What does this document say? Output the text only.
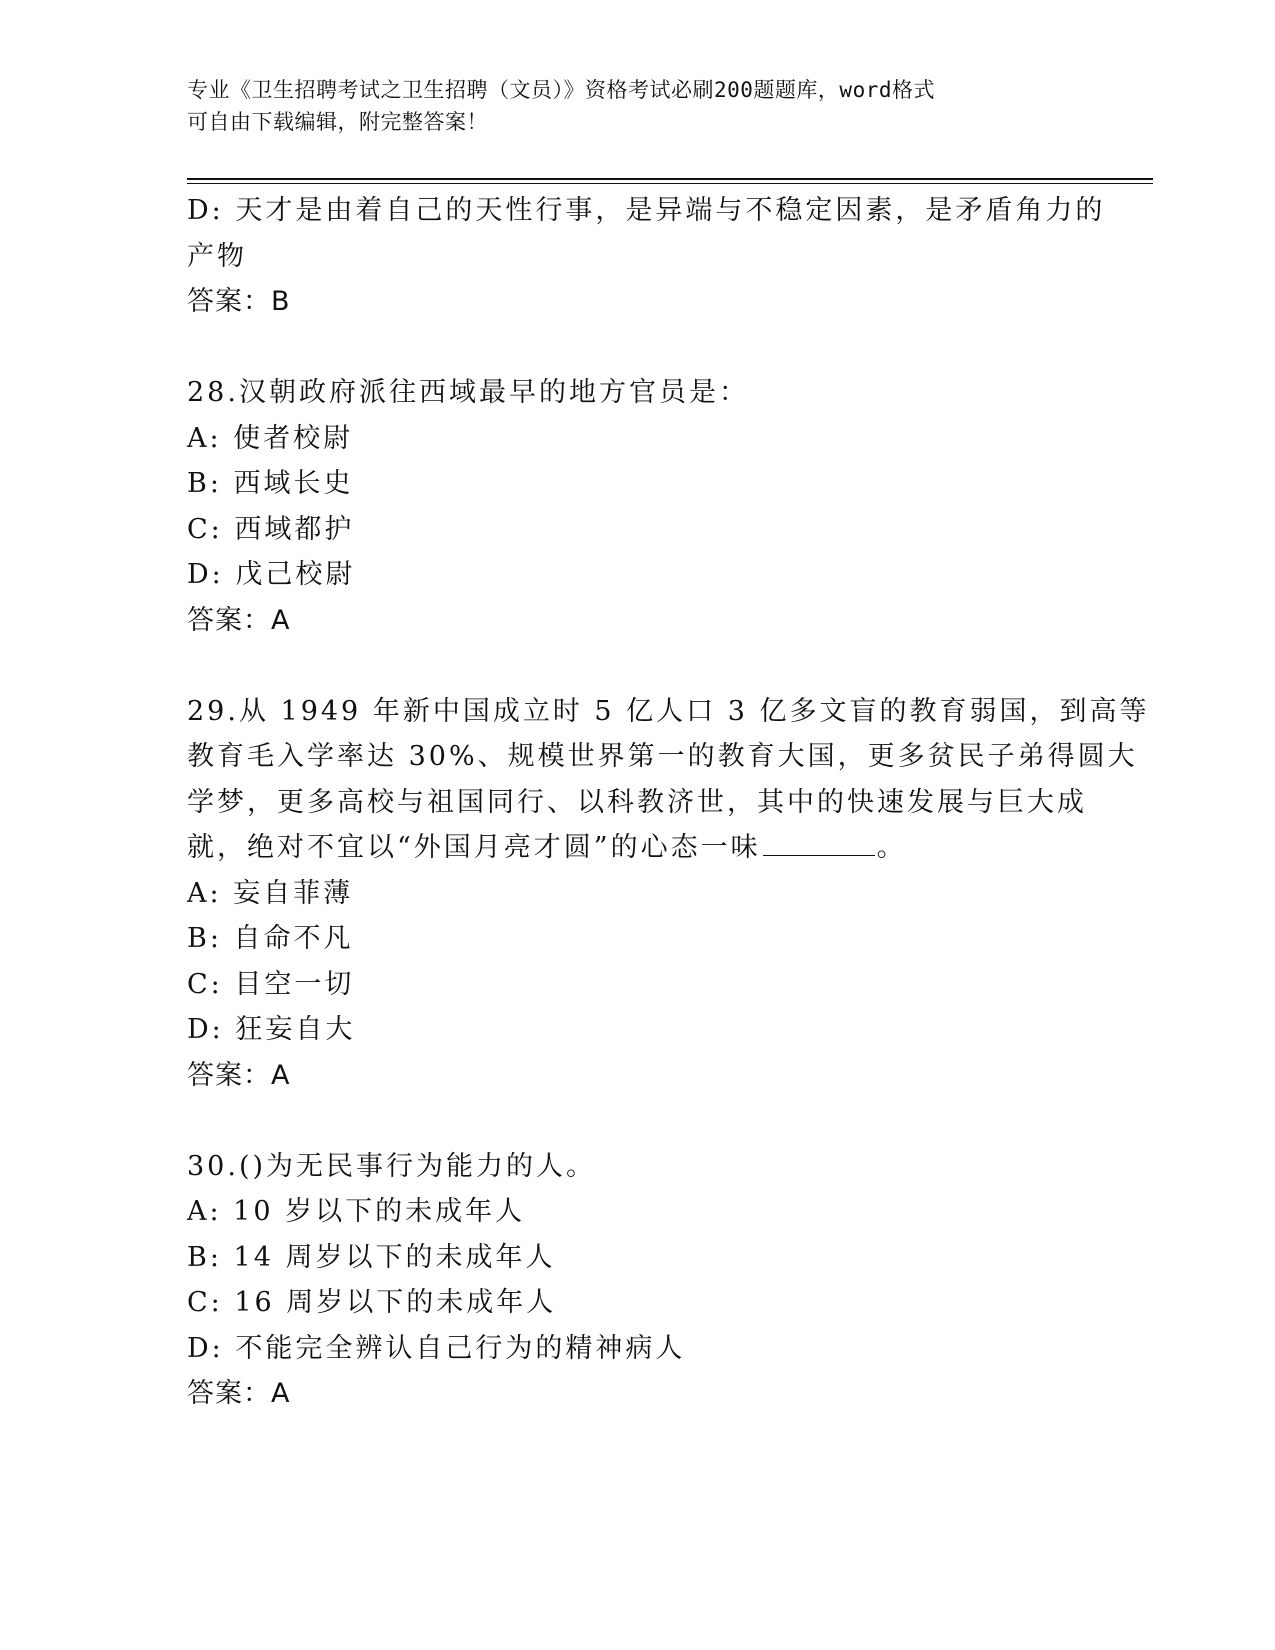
专业《卫生招聘考试之卫生招聘（文员）》资格考试必刷200题题库，word格式
可自由下载编辑，附完整答案！
D: 天才是由着自己的天性行事，是异端与不稳定因素，是矛盾角力的
产物
答案：B
28.汉朝政府派往西域最早的地方官员是：
A: 使者校尉
B: 西域长史
C: 西域都护
D: 戊己校尉
答案：A
29.从 1949 年新中国成立时 5 亿人口 3 亿多文盲的教育弱国，到高等
教育毛入学率达 30%、规模世界第一的教育大国，更多贫民子弟得圆大
学梦，更多高校与祖国同行、以科教济世，其中的快速发展与巨大成
就，绝对不宜以“外国月亮才圆”的心态一味	。
A: 妄自菲薄
B: 自命不凡
C: 目空一切
D: 狂妄自大
答案：A
30.()为无民事行为能力的人。
A: 10 岁以下的未成年人
B: 14 周岁以下的未成年人
C: 16 周岁以下的未成年人
D: 不能完全辨认自己行为的精神病人
答案：A
